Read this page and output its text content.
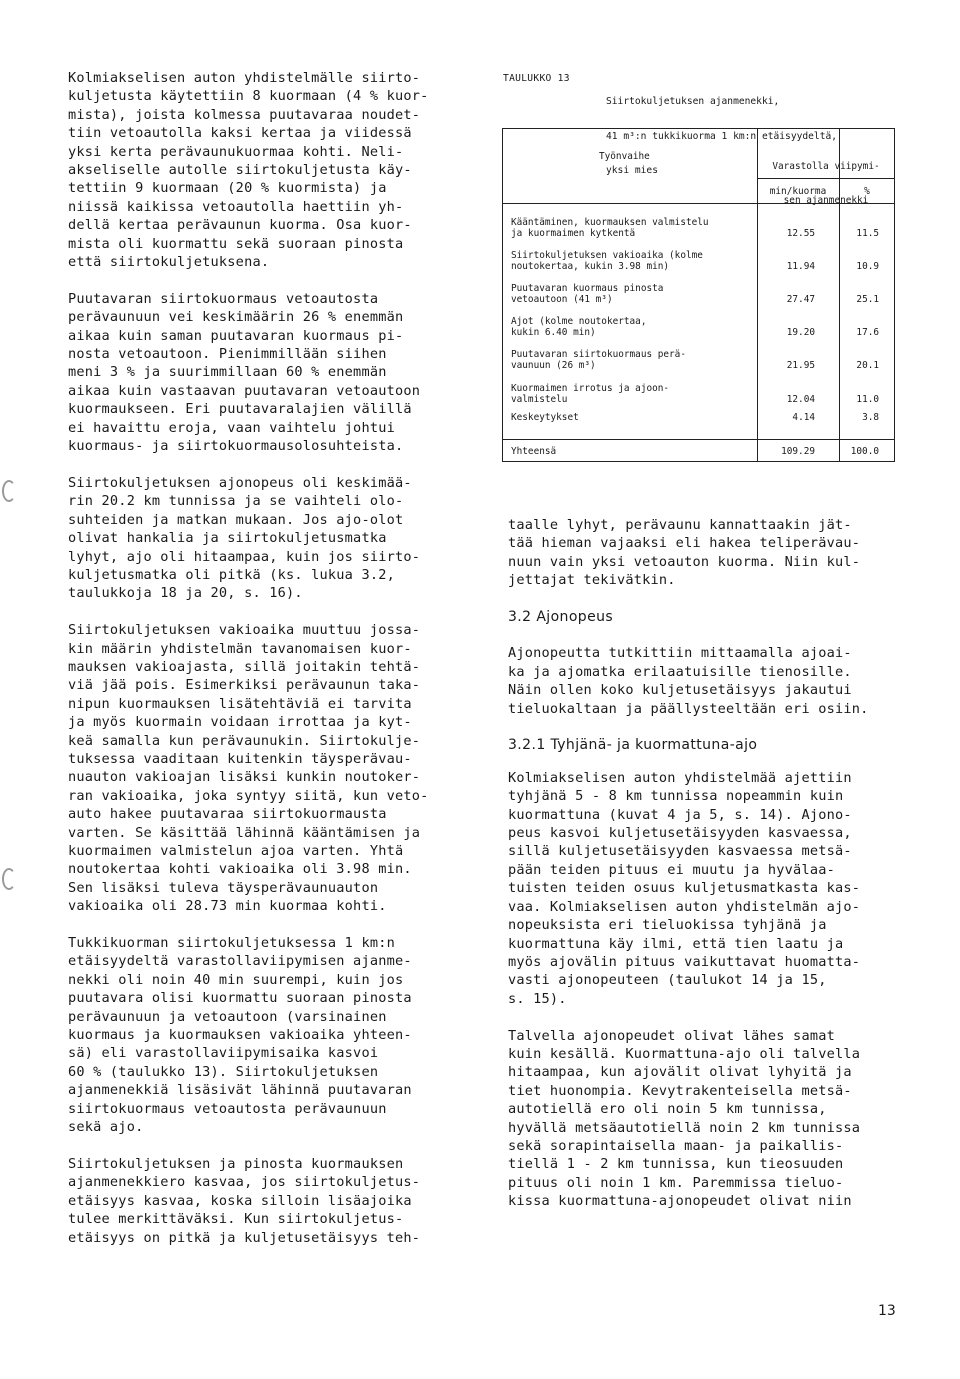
Kolmiakselisen auton yhdistelmälle siirto-

kuljetusta käytettiin 8 kuormaan (4 % kuor-

mista), joista kolmessa puutavaraa noudet-

tiin vetoautolla kaksi kertaa ja viidessä

yksi kerta perävaunukuormaa kohti. Neli-

akseliselle autolle siirtokuljetusta käy-

tettiin 9 kuormaan (20 % kuormista) ja

niissä kaikissa vetoautolla haettiin yh-

dellä kertaa perävaunun kuorma. Osa kuor-

mista oli kuormattu sekä suoraan pinosta

että siirtokuljetuksena.

Puutavaran siirtokuormaus vetoautosta

perävaunuun vei keskimäärin 26 % enemmän

aikaa kuin saman puutavaran kuormaus pi-

nosta vetoautoon. Pienimmillään siihen

meni 3 % ja suurimmillaan 60 % enemmän

aikaa kuin vastaavan puutavaran vetoautoon

kuormaukseen. Eri puutavaralajien välillä

ei havaittu eroja, vaan vaihtelu johtui

kuormaus- ja siirtokuormausolosuhteista.

Siirtokuljetuksen ajonopeus oli keskimää-

rin 20.2 km tunnissa ja se vaihteli olo-

suhteiden ja matkan mukaan. Jos ajo-olot

olivat hankalia ja siirtokuljetusmatka

lyhyt, ajo oli hitaampaa, kuin jos siirto-

kuljetusmatka oli pitkä (ks. lukua 3.2,

taulukkoja 18 ja 20, s. 16).

Siirtokuljetuksen vakioaika muuttuu jossa-

kin määrin yhdistelmän tavanomaisen kuor-

mauksen vakioajasta, sillä joitakin tehtä-

viä jää pois. Esimerkiksi perävaunun taka-

nipun kuormauksen lisätehtäviä ei tarvita

ja myös kuormain voidaan irrottaa ja kyt-

keä samalla kun perävaunukin. Siirtokulje-

tuksessa vaaditaan kuitenkin täysperävau-

nuauton vakioajan lisäksi kunkin noutoker-

ran vakioaika, joka syntyy siitä, kun veto-

auto hakee puutavaraa siirtokuormausta

varten. Se käsittää lähinnä kääntämisen ja

kuormaimen valmistelun ajoa varten. Yhtä

noutokertaa kohti vakioaika oli 3.98 min.

Sen lisäksi tuleva täysperävaunuauton

vakioaika oli 28.73 min kuormaa kohti.

Tukkikuorman siirtokuljetuksessa 1 km:n

etäisyydeltä varastollaviipymisen ajanme-

nekki oli noin 40 min suurempi, kuin jos

puutavara olisi kuormattu suoraan pinosta

perävaunuun ja vetoautoon (varsinainen

kuormaus ja kuormauksen vakioaika yhteen-

sä) eli varastollaviipymisaika kasvoi

60 % (taulukko 13). Siirtokuljetuksen

ajanmenekkiä lisäsivät lähinnä puutavaran

siirtokuormaus vetoautosta perävaunuun

sekä ajo.

Siirtokuljetuksen ja pinosta kuormauksen

ajanmenekkiero kasvaa, jos siirtokuljetus-

etäisyys kasvaa, koska silloin lisäajoika

tulee merkittäväksi. Kun siirtokuljetus-

etäisyys on pitkä ja kuljetusetäisyys teh-

TAULUKKO 13

Siirtokuljetuksen ajanmenekki,

41 m³:n tukkikuorma 1 km:n etäisyydeltä,

yksi mies

Työnvaihe

Varastolla viipymi-

sen ajanmenekki

min/kuorma	%
Kääntäminen, kuormauksen valmistelu
ja kuormaimen kytkentä	12.55	11.5
Siirtokuljetuksen vakioaika (kolme
noutokertaa, kukin 3.98 min)	11.94	10.9
Puutavaran kuormaus pinosta
vetoautoon (41 m³)	27.47	25.1
Ajot (kolme noutokertaa,
kukin 6.40 min)	19.20	17.6
Puutavaran siirtokuormaus perä-
vaunuun (26 m³)	21.95	20.1
Kuormaimen irrotus ja ajoon-
valmistelu	12.04	11.0
Keskeytykset	4.14	3.8
Yhteensä	109.29	100.0

taalle lyhyt, perävaunu kannattaakin jät-

tää hieman vajaaksi eli hakea teliperävau-

nuun vain yksi vetoauton kuorma. Niin kul-

jettajat tekivätkin.

3.2 Ajonopeus

Ajonopeutta tutkittiin mittaamalla ajoai-

ka ja ajomatka erilaatuisille tienosille.

Näin ollen koko kuljetusetäisyys jakautui

tieluokaltaan ja päällysteeltään eri osiin.

3.2.1 Tyhjänä- ja kuormattuna-ajo

Kolmiakselisen auton yhdistelmää ajettiin

tyhjänä 5 - 8 km tunnissa nopeammin kuin

kuormattuna (kuvat 4 ja 5, s. 14). Ajono-

peus kasvoi kuljetusetäisyyden kasvaessa,

sillä kuljetusetäisyyden kasvaessa metsä-

pään teiden pituus ei muutu ja hyvälaa-

tuisten teiden osuus kuljetusmatkasta kas-

vaa. Kolmiakselisen auton yhdistelmän ajo-

nopeuksista eri tieluokissa tyhjänä ja

kuormattuna käy ilmi, että tien laatu ja

myös ajovälin pituus vaikuttavat huomatta-

vasti ajonopeuteen (taulukot 14 ja 15,

s. 15).

Talvella ajonopeudet olivat lähes samat

kuin kesällä. Kuormattuna-ajo oli talvella

hitaampaa, kun ajovälit olivat lyhyitä ja

tiet huonompia. Kevytrakenteisella metsä-

autotiellä ero oli noin 5 km tunnissa,

hyvällä metsäautotiellä noin 2 km tunnissa

sekä sorapintaisella maan- ja paikallis-

tiellä 1 - 2 km tunnissa, kun tieosuuden

pituus oli noin 1 km. Paremmissa tieluo-

kissa kuormattuna-ajonopeudet olivat niin

13
